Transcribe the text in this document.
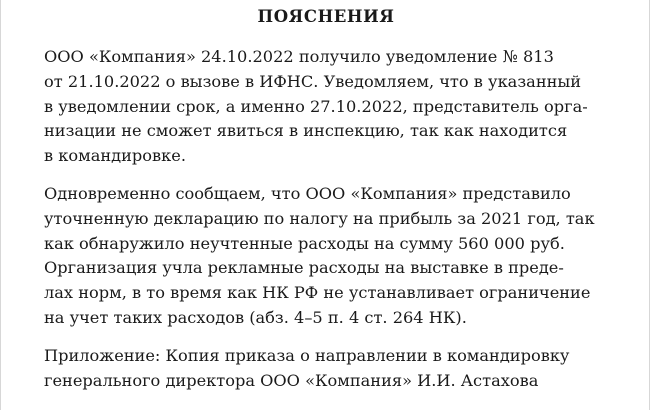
ПОЯСНЕНИЯ

ООО «Компания» 24.10.2022 получило уведомление № 813
от 21.10.2022 о вызове в ИФНС. Уведомляем, что в указанный
в уведомлении срок, а именно 27.10.2022, представитель орга-
низации не сможет явиться в инспекцию, так как находится
в командировке.

Одновременно сообщаем, что ООО «Компания» представило
уточненную декларацию по налогу на прибыль за 2021 год, так
как обнаружило неучтенные расходы на сумму 560 000 руб.
Организация учла рекламные расходы на выставке в преде-
лах норм, в то время как НК РФ не устанавливает ограничение
на учет таких расходов (абз. 4–5 п. 4 ст. 264 НК).

Приложение: Копия приказа о направлении в командировку
генерального директора ООО «Компания» И.И. Астахова
